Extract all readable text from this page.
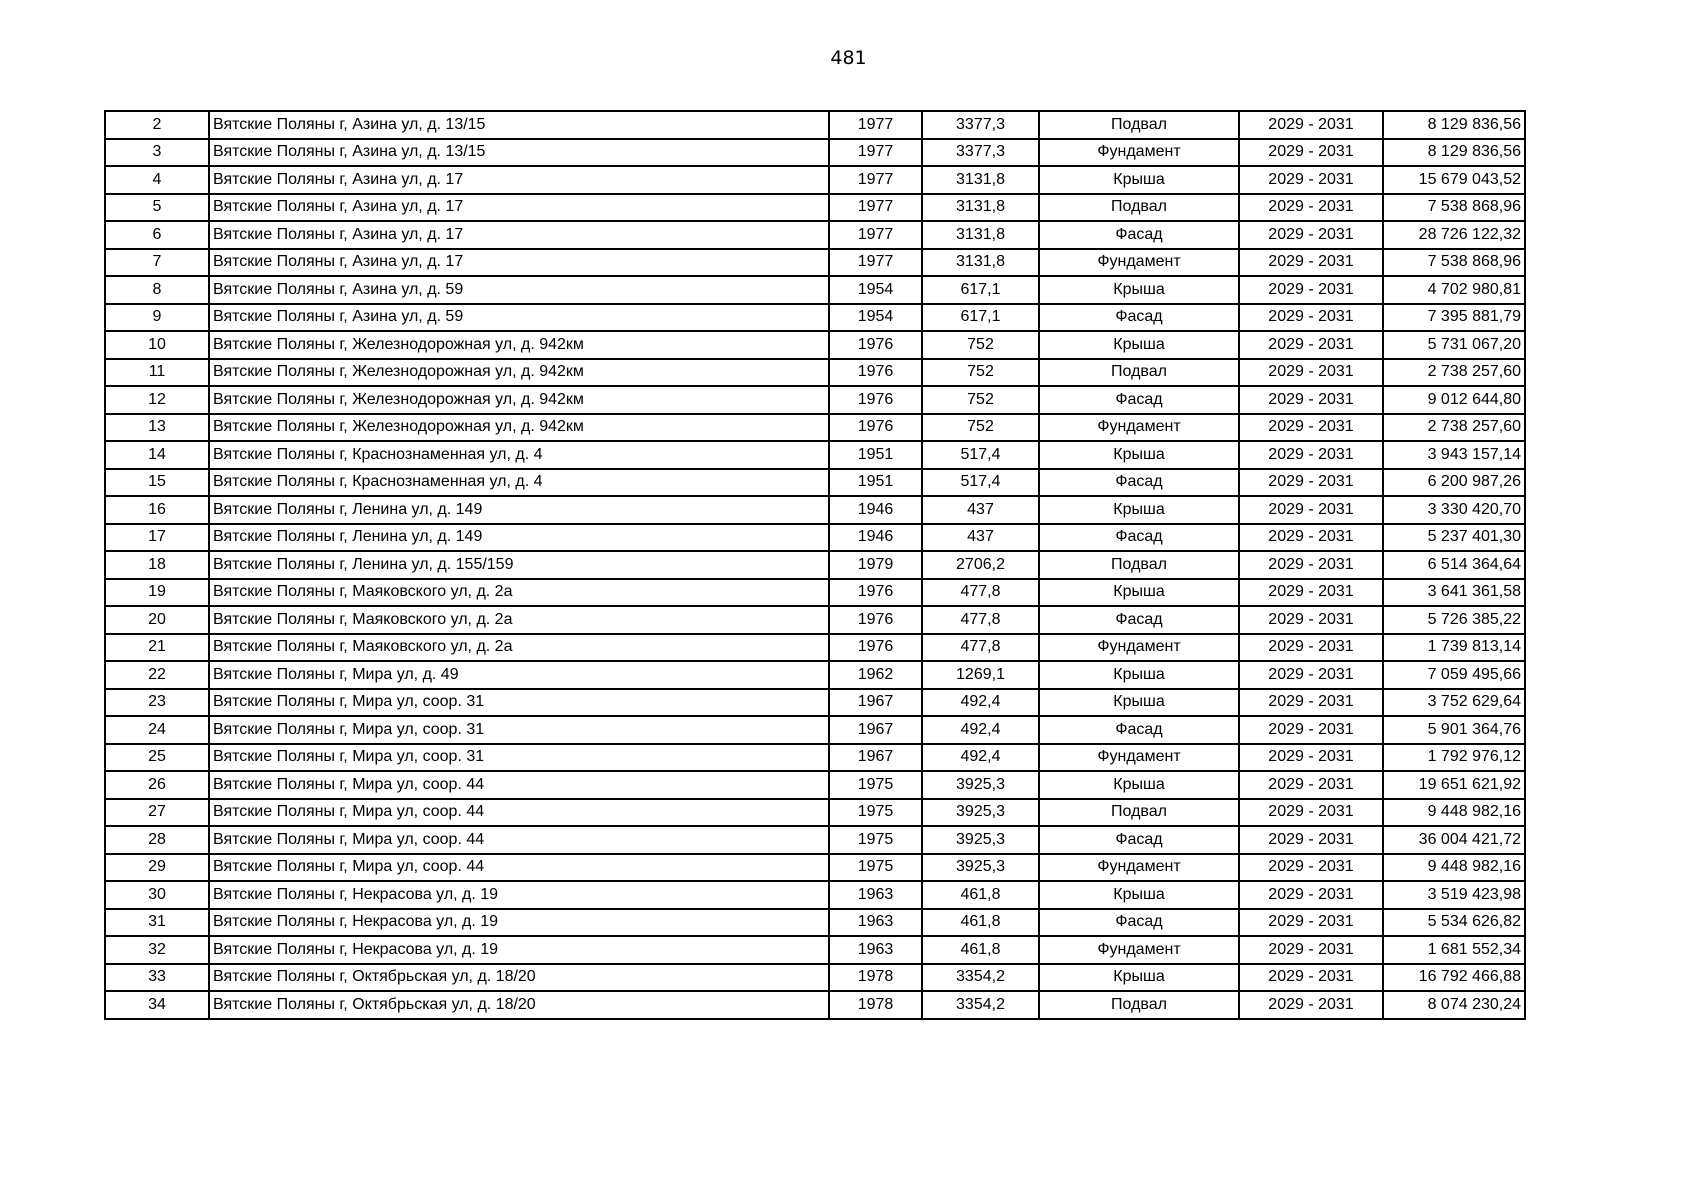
481
2	Вятские Поляны г, Азина ул, д. 13/15	1977	3377,3	Подвал	2029 - 2031	8 129 836,56
3	Вятские Поляны г, Азина ул, д. 13/15	1977	3377,3	Фундамент	2029 - 2031	8 129 836,56
4	Вятские Поляны г, Азина ул, д. 17	1977	3131,8	Крыша	2029 - 2031	15 679 043,52
5	Вятские Поляны г, Азина ул, д. 17	1977	3131,8	Подвал	2029 - 2031	7 538 868,96
6	Вятские Поляны г, Азина ул, д. 17	1977	3131,8	Фасад	2029 - 2031	28 726 122,32
7	Вятские Поляны г, Азина ул, д. 17	1977	3131,8	Фундамент	2029 - 2031	7 538 868,96
8	Вятские Поляны г, Азина ул, д. 59	1954	617,1	Крыша	2029 - 2031	4 702 980,81
9	Вятские Поляны г, Азина ул, д. 59	1954	617,1	Фасад	2029 - 2031	7 395 881,79
10	Вятские Поляны г, Железнодорожная ул, д. 942км	1976	752	Крыша	2029 - 2031	5 731 067,20
11	Вятские Поляны г, Железнодорожная ул, д. 942км	1976	752	Подвал	2029 - 2031	2 738 257,60
12	Вятские Поляны г, Железнодорожная ул, д. 942км	1976	752	Фасад	2029 - 2031	9 012 644,80
13	Вятские Поляны г, Железнодорожная ул, д. 942км	1976	752	Фундамент	2029 - 2031	2 738 257,60
14	Вятские Поляны г, Краснознаменная ул, д. 4	1951	517,4	Крыша	2029 - 2031	3 943 157,14
15	Вятские Поляны г, Краснознаменная ул, д. 4	1951	517,4	Фасад	2029 - 2031	6 200 987,26
16	Вятские Поляны г, Ленина ул, д. 149	1946	437	Крыша	2029 - 2031	3 330 420,70
17	Вятские Поляны г, Ленина ул, д. 149	1946	437	Фасад	2029 - 2031	5 237 401,30
18	Вятские Поляны г, Ленина ул, д. 155/159	1979	2706,2	Подвал	2029 - 2031	6 514 364,64
19	Вятские Поляны г, Маяковского ул, д. 2а	1976	477,8	Крыша	2029 - 2031	3 641 361,58
20	Вятские Поляны г, Маяковского ул, д. 2а	1976	477,8	Фасад	2029 - 2031	5 726 385,22
21	Вятские Поляны г, Маяковского ул, д. 2а	1976	477,8	Фундамент	2029 - 2031	1 739 813,14
22	Вятские Поляны г, Мира ул, д. 49	1962	1269,1	Крыша	2029 - 2031	7 059 495,66
23	Вятские Поляны г, Мира ул, соор. 31	1967	492,4	Крыша	2029 - 2031	3 752 629,64
24	Вятские Поляны г, Мира ул, соор. 31	1967	492,4	Фасад	2029 - 2031	5 901 364,76
25	Вятские Поляны г, Мира ул, соор. 31	1967	492,4	Фундамент	2029 - 2031	1 792 976,12
26	Вятские Поляны г, Мира ул, соор. 44	1975	3925,3	Крыша	2029 - 2031	19 651 621,92
27	Вятские Поляны г, Мира ул, соор. 44	1975	3925,3	Подвал	2029 - 2031	9 448 982,16
28	Вятские Поляны г, Мира ул, соор. 44	1975	3925,3	Фасад	2029 - 2031	36 004 421,72
29	Вятские Поляны г, Мира ул, соор. 44	1975	3925,3	Фундамент	2029 - 2031	9 448 982,16
30	Вятские Поляны г, Некрасова ул, д. 19	1963	461,8	Крыша	2029 - 2031	3 519 423,98
31	Вятские Поляны г, Некрасова ул, д. 19	1963	461,8	Фасад	2029 - 2031	5 534 626,82
32	Вятские Поляны г, Некрасова ул, д. 19	1963	461,8	Фундамент	2029 - 2031	1 681 552,34
33	Вятские Поляны г, Октябрьская ул, д. 18/20	1978	3354,2	Крыша	2029 - 2031	16 792 466,88
34	Вятские Поляны г, Октябрьская ул, д. 18/20	1978	3354,2	Подвал	2029 - 2031	8 074 230,24
